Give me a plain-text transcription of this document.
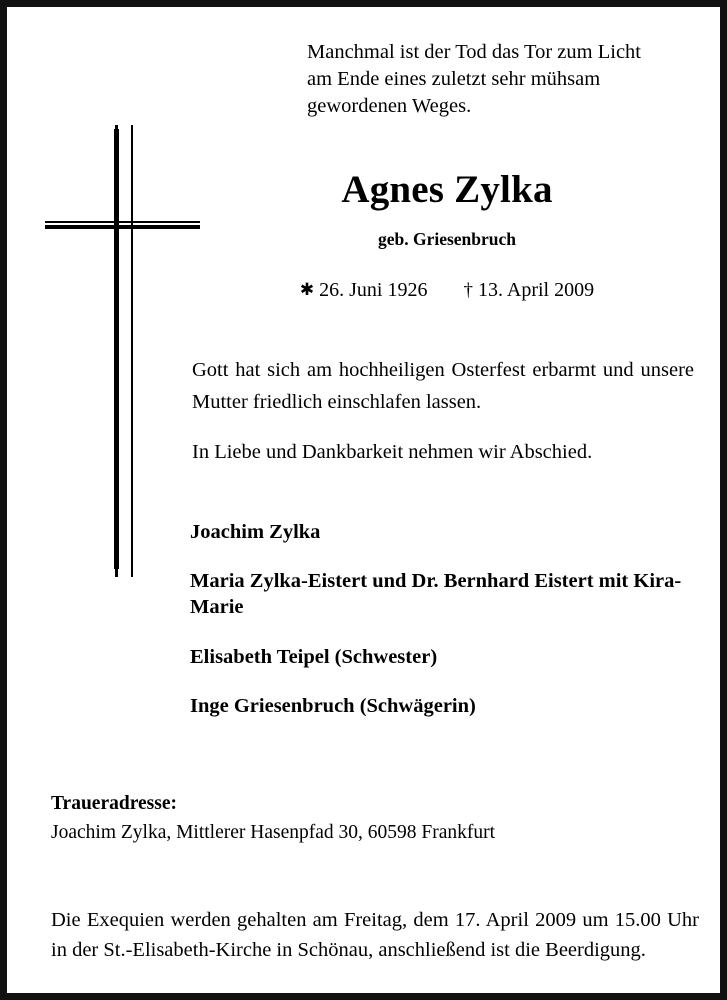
Manchmal ist der Tod das Tor zum Licht
am Ende eines zuletzt sehr mühsam
gewordenen Weges.
Agnes Zylka
geb. Griesenbruch
✱ 26. Juni 1926 † 13. April 2009
Gott hat sich am hochheiligen Osterfest erbarmt und unsere Mutter friedlich einschlafen lassen.
In Liebe und Dankbarkeit nehmen wir Abschied.
Joachim Zylka
Maria Zylka-Eistert und Dr. Bernhard Eistert mit Kira-Marie
Elisabeth Teipel (Schwester)
Inge Griesenbruch (Schwägerin)
Traueradresse:
Joachim Zylka, Mittlerer Hasenpfad 30, 60598 Frankfurt
Die Exequien werden gehalten am Freitag, dem 17. April 2009 um 15.00 Uhr in der St.-Elisabeth-Kirche in Schönau, anschließend ist die Beerdigung.
